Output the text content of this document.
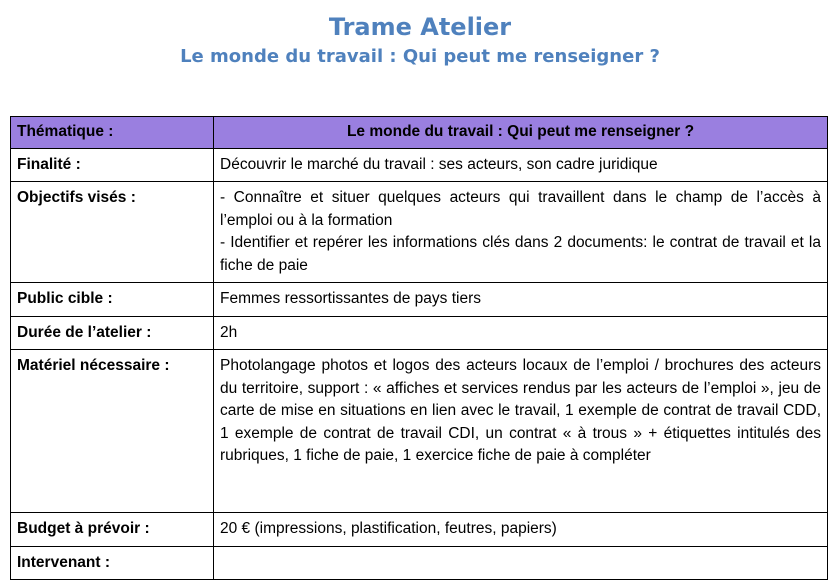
Trame Atelier
Le monde du travail : Qui peut me renseigner ?
Thématique :	Le monde du travail : Qui peut me renseigner ?
Finalité :	Découvrir le marché du travail : ses acteurs, son cadre juridique
Objectifs visés :	- Connaître et situer quelques acteurs qui travaillent dans le champ de l’accès à l’emploi ou à la formation
- Identifier et repérer les informations clés dans 2 documents: le contrat de travail et la fiche de paie

Public cible :	Femmes ressortissantes de pays tiers
Durée de l’atelier :	2h
Matériel nécessaire :	Photolangage photos et logos des acteurs locaux de l’emploi / brochures des acteurs du territoire, support : « affiches et services rendus par les acteurs de l’emploi », jeu de carte de mise en situations en lien avec le travail, 1 exemple de contrat de travail CDD, 1 exemple de contrat de travail CDI, un contrat « à trous » + étiquettes intitulés des rubriques, 1 fiche de paie, 1 exercice fiche de paie à compléter
Budget à prévoir :	20 € (impressions, plastification, feutres, papiers)
Intervenant :	
